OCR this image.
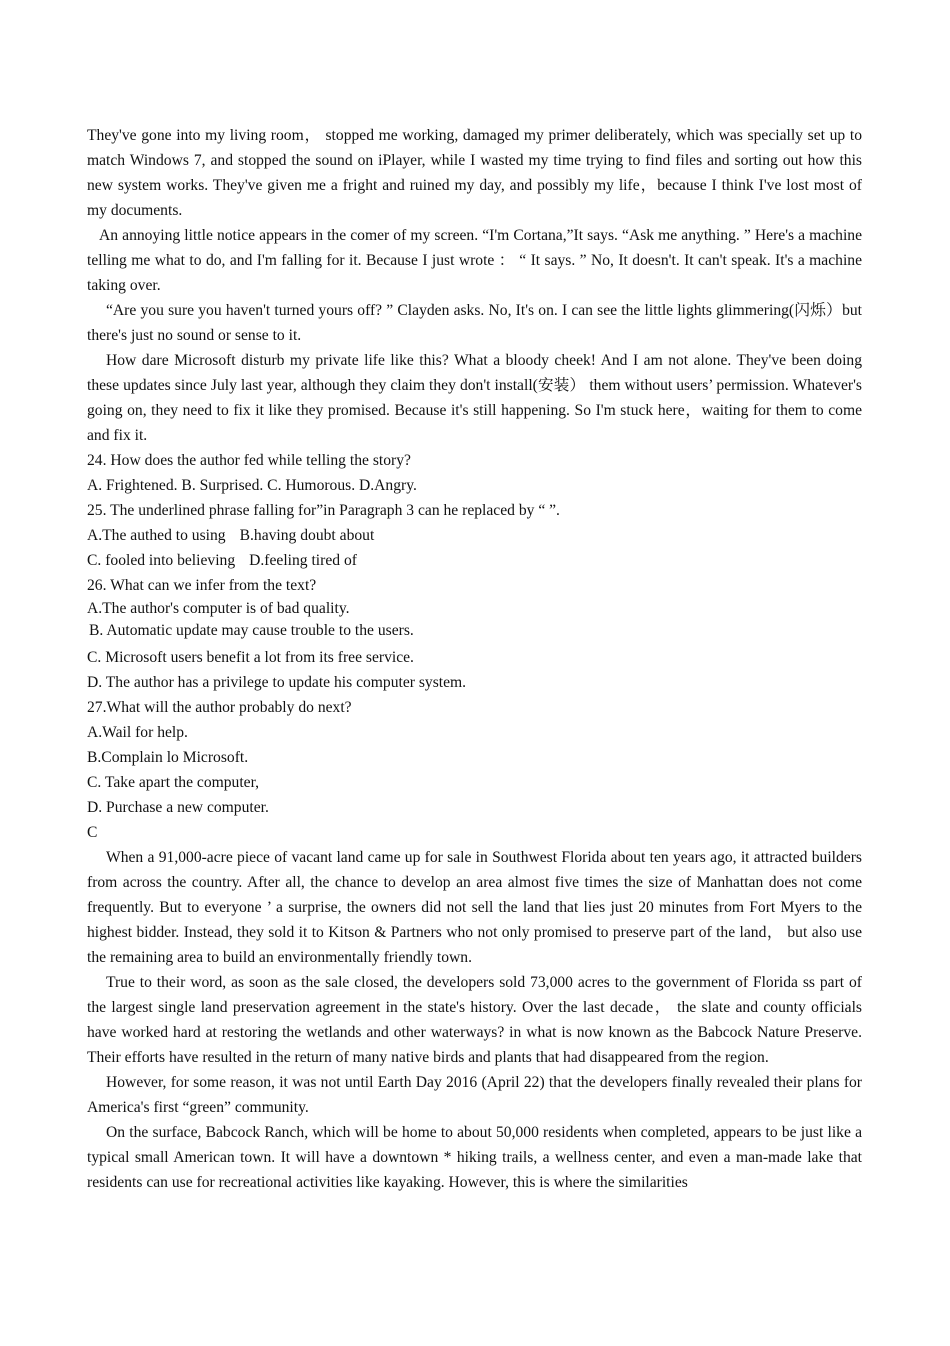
They've gone into my living room， stopped me working, damaged my primer deliberately, which was specially set up to match Windows 7, and stopped the sound on iPlayer, while I wasted my time trying to find files and sorting out how this new system works. They've given me a fright and ruined my day, and possibly my life，because I think I've lost most of my documents.

An annoying little notice appears in the comer of my screen. “I'm Cortana,”It says. “Ask me anything. ” Here's a machine telling me what to do, and I'm falling for it. Because I just wrote ： “ It says. ” No, It doesn't. It can't speak. It's a machine taking over.

“Are you sure you haven't turned yours off? ” Clayden asks. No, It's on. I can see the little lights glimmering(闪烁）but there's just no sound or sense to it.

How dare Microsoft disturb my private life like this? What a bloody cheek! And I am not alone. They've been doing these updates since July last year, although they claim they don't install(安装） them without users’ permission. Whatever's going on, they need to fix it like they promised. Because it's still happening. So I'm stuck here，waiting for them to come and fix it.

24. How does the author fed while telling the story?

A. Frightened. B. Surprised. C. Humorous. D.Angry.

25. The underlined phrase falling for”in Paragraph 3 can he replaced by “ ”.

A.The authed to using B.having doubt about

C. fooled into believing D.feeling tired of

26. What can we infer from the text?

A.The author's computer is of bad quality.

B. Automatic update may cause trouble to the users.

C. Microsoft users benefit a lot from its free service.

D. The author has a privilege to update his computer system.

27.What will the author probably do next?

A.Wail for help.

B.Complain lo Microsoft.

C. Take apart the computer,

D. Purchase a new computer.

C

When a 91,000-acre piece of vacant land came up for sale in Southwest Florida about ten years ago, it attracted builders from across the country. After all, the chance to develop an area almost five times the size of Manhattan does not come frequently. But to everyone ’ a surprise, the owners did not sell the land that lies just 20 minutes from Fort Myers to the highest bidder. Instead, they sold it to Kitson & Partners who not only promised to preserve part of the land， but also use the remaining area to build an environmentally friendly town.

True to their word, as soon as the sale closed, the developers sold 73,000 acres to the government of Florida ss part of the largest single land preservation agreement in the state's history. Over the last decade， the slate and county officials have worked hard at restoring the wetlands and other waterways? in what is now known as the Babcock Nature Preserve. Their efforts have resulted in the return of many native birds and plants that had disappeared from the region.

However, for some reason, it was not until Earth Day 2016 (April 22) that the developers finally revealed their plans for America's first “green” community.

On the surface, Babcock Ranch, which will be home to about 50,000 residents when completed, appears to be just like a typical small American town. It will have a downtown * hiking trails, a wellness center, and even a man-made lake that residents can use for recreational activities like kayaking. However, this is where the similarities
